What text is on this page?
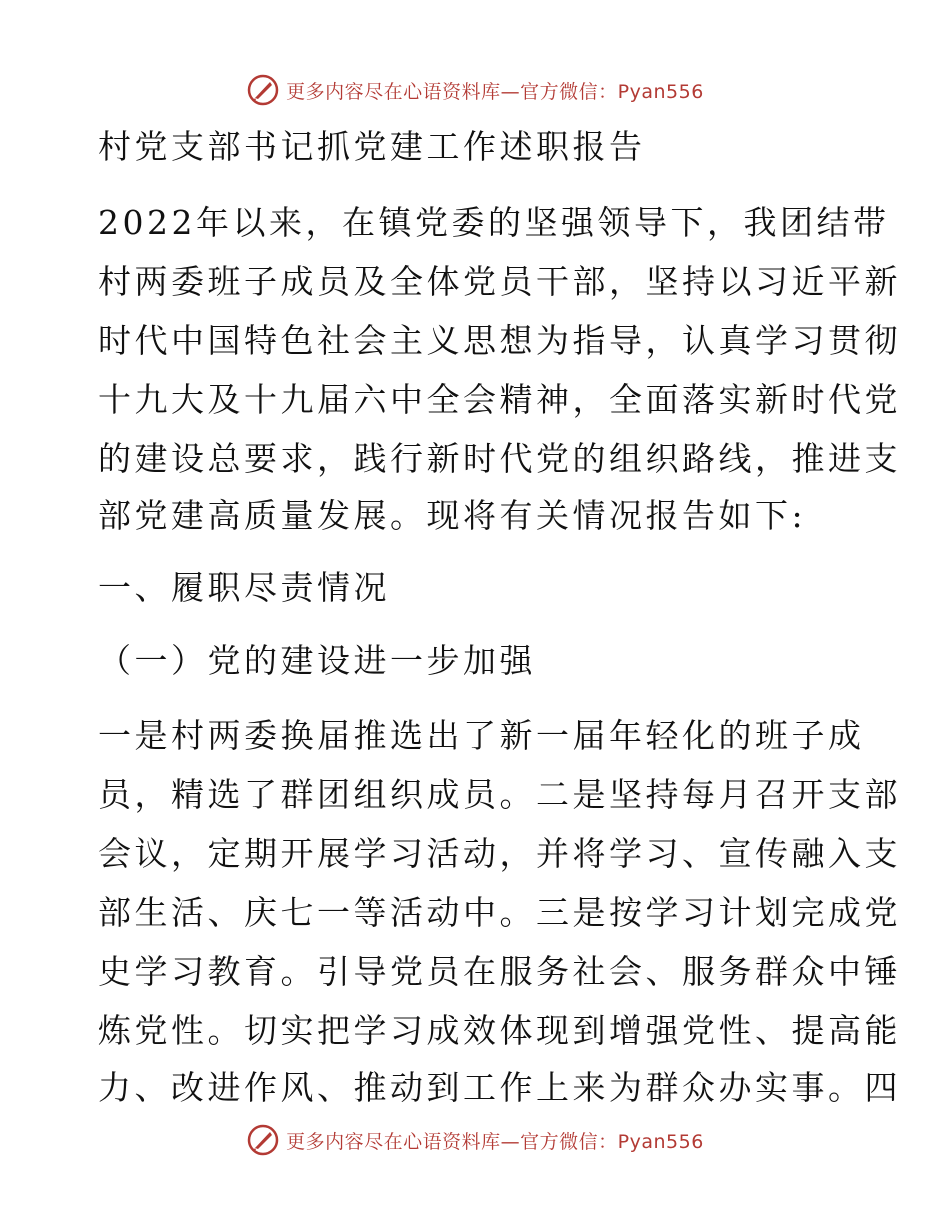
更多内容尽在心语资料库—官方微信：Pyan556
村党支部书记抓党建工作述职报告
2022年以来，在镇党委的坚强领导下，我团结带
村两委班子成员及全体党员干部，坚持以习近平新
时代中国特色社会主义思想为指导，认真学习贯彻
十九大及十九届六中全会精神，全面落实新时代党
的建设总要求，践行新时代党的组织路线，推进支
部党建高质量发展。现将有关情况报告如下:
一、履职尽责情况
（一）党的建设进一步加强
一是村两委换届推选出了新一届年轻化的班子成
员，精选了群团组织成员。二是坚持每月召开支部
会议，定期开展学习活动，并将学习、宣传融入支
部生活、庆七一等活动中。三是按学习计划完成党
史学习教育。引导党员在服务社会、服务群众中锤
炼党性。切实把学习成效体现到增强党性、提高能
力、改进作风、推动到工作上来为群众办实事。四
更多内容尽在心语资料库—官方微信：Pyan556
